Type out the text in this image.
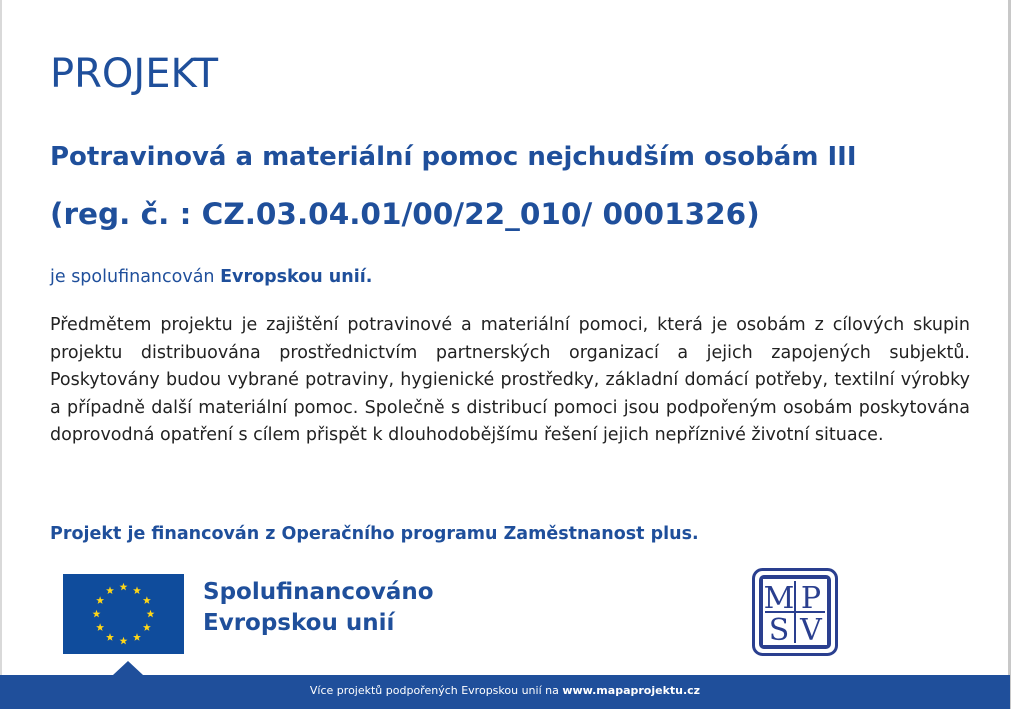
PROJEKT
Potravinová a materiální pomoc nejchudším osobám III
(reg. č. : CZ.03.04.01/00/22_010/ 0001326)
je spolufinancován Evropskou unií.
Předmětem projektu je zajištění potravinové a materiální pomoci, která je osobám z cílových skupin projektu distribuována prostřednictvím partnerských organizací a jejich zapojených subjektů. Poskytovány budou vybrané potraviny, hygienické prostředky, základní domácí potřeby, textilní výrobky a případně další materiální pomoc. Společně s distribucí pomoci jsou podpořeným osobám poskytována doprovodná opatření s cílem přispět k dlouhodobějšímu řešení jejich nepříznivé životní situace.
Projekt je financován z Operačního programu Zaměstnanost plus.
Spolufinancováno
Evropskou unií
M P
S V
Více projektů podpořených Evropskou unií na www.mapaprojektu.cz
